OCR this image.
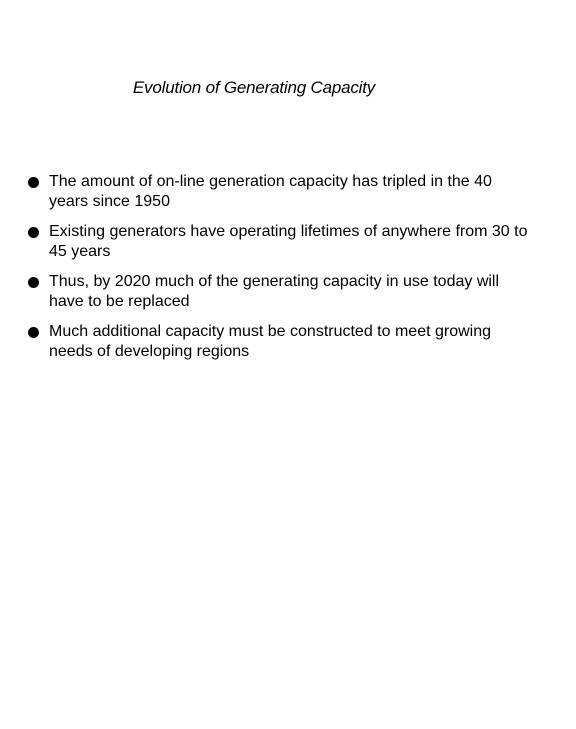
Evolution of Generating Capacity
The amount of on-line generation capacity has tripled in the 40 years since 1950
Existing generators have operating lifetimes of anywhere from 30 to 45 years
Thus, by 2020 much of the generating capacity in use today will have to be replaced
Much additional capacity must be constructed to meet growing needs of developing regions
